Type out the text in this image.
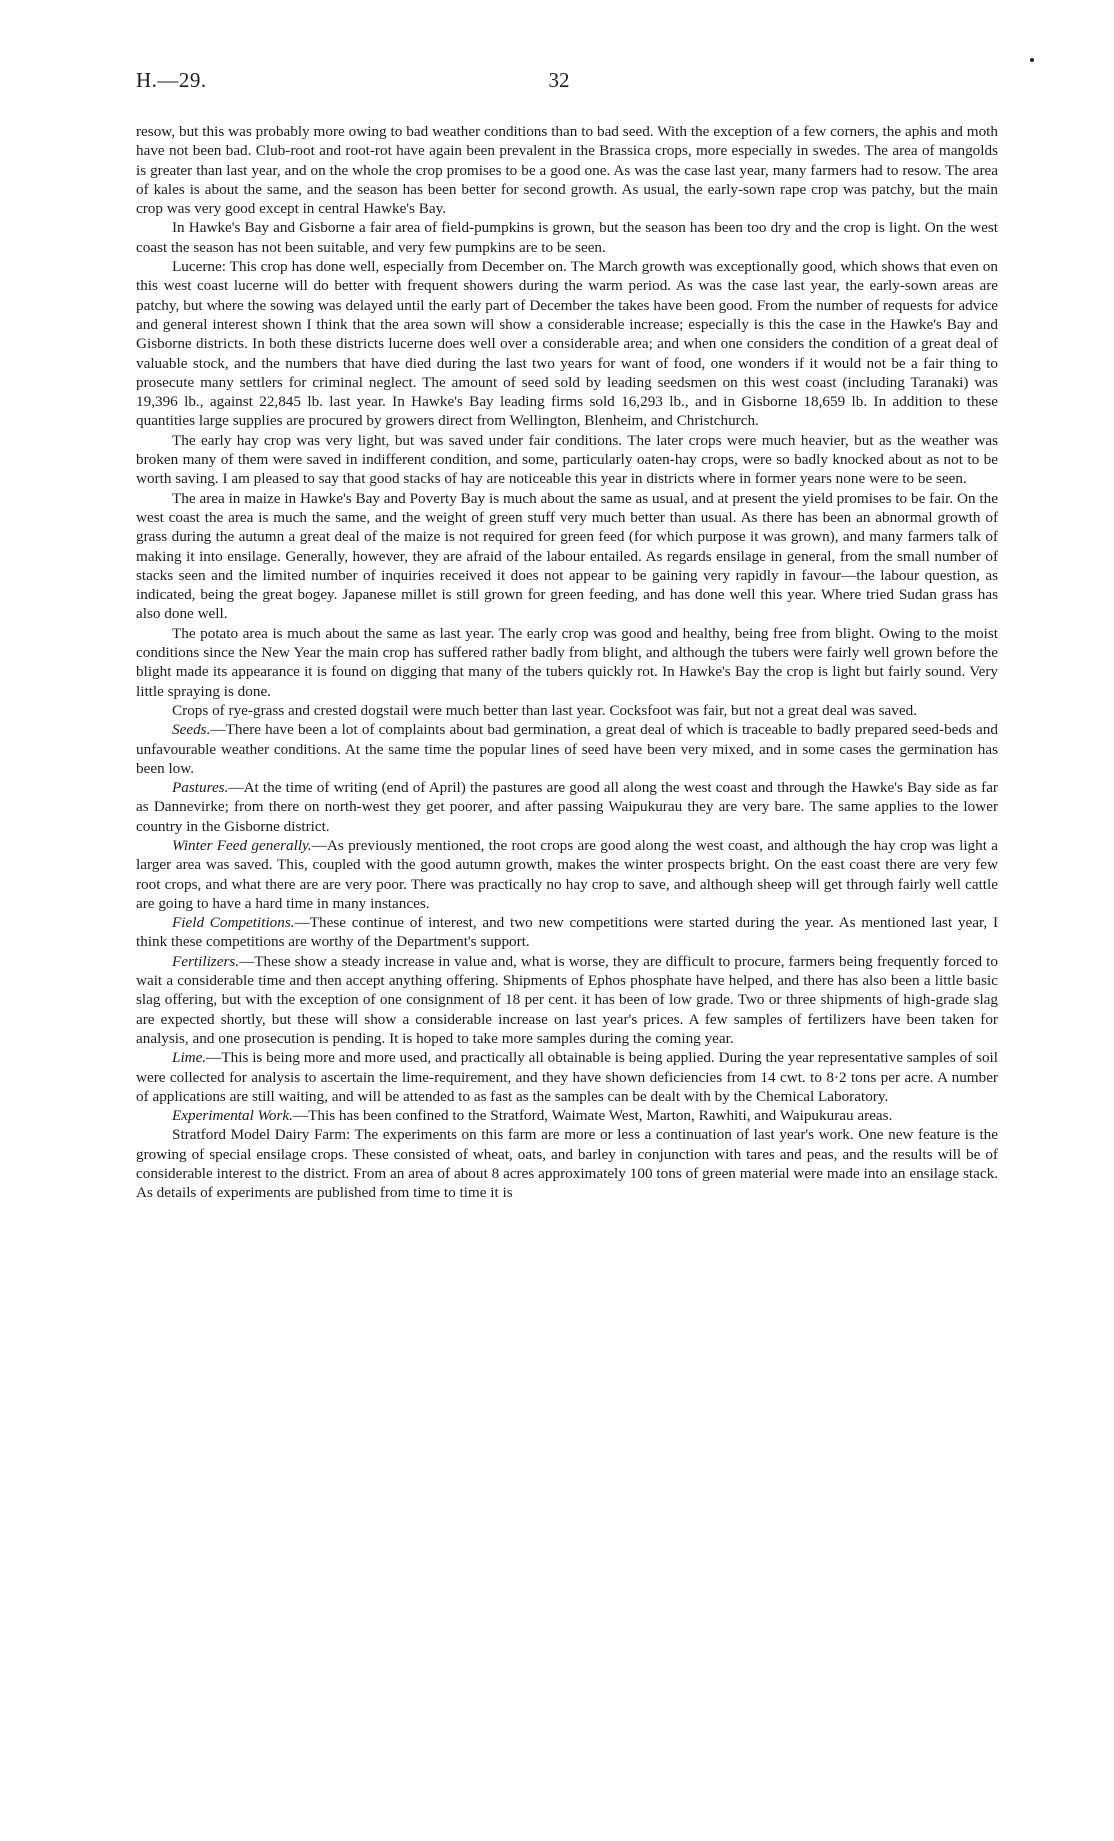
H.—29.	32

resow, but this was probably more owing to bad weather conditions than to bad seed. With the exception of a few corners, the aphis and moth have not been bad. Club-root and root-rot have again been prevalent in the Brassica crops, more especially in swedes. The area of mangolds is greater than last year, and on the whole the crop promises to be a good one. As was the case last year, many farmers had to resow. The area of kales is about the same, and the season has been better for second growth. As usual, the early-sown rape crop was patchy, but the main crop was very good except in central Hawke's Bay.

In Hawke's Bay and Gisborne a fair area of field-pumpkins is grown, but the season has been too dry and the crop is light. On the west coast the season has not been suitable, and very few pumpkins are to be seen.

Lucerne: This crop has done well, especially from December on. The March growth was exceptionally good, which shows that even on this west coast lucerne will do better with frequent showers during the warm period. As was the case last year, the early-sown areas are patchy, but where the sowing was delayed until the early part of December the takes have been good. From the number of requests for advice and general interest shown I think that the area sown will show a considerable increase; especially is this the case in the Hawke's Bay and Gisborne districts. In both these districts lucerne does well over a considerable area; and when one considers the condition of a great deal of valuable stock, and the numbers that have died during the last two years for want of food, one wonders if it would not be a fair thing to prosecute many settlers for criminal neglect. The amount of seed sold by leading seedsmen on this west coast (including Taranaki) was 19,396 lb., against 22,845 lb. last year. In Hawke's Bay leading firms sold 16,293 lb., and in Gisborne 18,659 lb. In addition to these quantities large supplies are procured by growers direct from Wellington, Blenheim, and Christchurch.

The early hay crop was very light, but was saved under fair conditions. The later crops were much heavier, but as the weather was broken many of them were saved in indifferent condition, and some, particularly oaten-hay crops, were so badly knocked about as not to be worth saving. I am pleased to say that good stacks of hay are noticeable this year in districts where in former years none were to be seen.

The area in maize in Hawke's Bay and Poverty Bay is much about the same as usual, and at present the yield promises to be fair. On the west coast the area is much the same, and the weight of green stuff very much better than usual. As there has been an abnormal growth of grass during the autumn a great deal of the maize is not required for green feed (for which purpose it was grown), and many farmers talk of making it into ensilage. Generally, however, they are afraid of the labour entailed. As regards ensilage in general, from the small number of stacks seen and the limited number of inquiries received it does not appear to be gaining very rapidly in favour—the labour question, as indicated, being the great bogey. Japanese millet is still grown for green feeding, and has done well this year. Where tried Sudan grass has also done well.

The potato area is much about the same as last year. The early crop was good and healthy, being free from blight. Owing to the moist conditions since the New Year the main crop has suffered rather badly from blight, and although the tubers were fairly well grown before the blight made its appearance it is found on digging that many of the tubers quickly rot. In Hawke's Bay the crop is light but fairly sound. Very little spraying is done.

Crops of rye-grass and crested dogstail were much better than last year. Cocksfoot was fair, but not a great deal was saved.

Seeds.—There have been a lot of complaints about bad germination, a great deal of which is traceable to badly prepared seed-beds and unfavourable weather conditions. At the same time the popular lines of seed have been very mixed, and in some cases the germination has been low.

Pastures.—At the time of writing (end of April) the pastures are good all along the west coast and through the Hawke's Bay side as far as Dannevirke; from there on north-west they get poorer, and after passing Waipukurau they are very bare. The same applies to the lower country in the Gisborne district.

Winter Feed generally.—As previously mentioned, the root crops are good along the west coast, and although the hay crop was light a larger area was saved. This, coupled with the good autumn growth, makes the winter prospects bright. On the east coast there are very few root crops, and what there are are very poor. There was practically no hay crop to save, and although sheep will get through fairly well cattle are going to have a hard time in many instances.

Field Competitions.—These continue of interest, and two new competitions were started during the year. As mentioned last year, I think these competitions are worthy of the Department's support.

Fertilizers.—These show a steady increase in value and, what is worse, they are difficult to procure, farmers being frequently forced to wait a considerable time and then accept anything offering. Shipments of Ephos phosphate have helped, and there has also been a little basic slag offering, but with the exception of one consignment of 18 per cent. it has been of low grade. Two or three shipments of high-grade slag are expected shortly, but these will show a considerable increase on last year's prices. A few samples of fertilizers have been taken for analysis, and one prosecution is pending. It is hoped to take more samples during the coming year.

Lime.—This is being more and more used, and practically all obtainable is being applied. During the year representative samples of soil were collected for analysis to ascertain the lime-requirement, and they have shown deficiencies from 14 cwt. to 8·2 tons per acre. A number of applications are still waiting, and will be attended to as fast as the samples can be dealt with by the Chemical Laboratory.

Experimental Work.—This has been confined to the Stratford, Waimate West, Marton, Rawhiti, and Waipukurau areas.

Stratford Model Dairy Farm: The experiments on this farm are more or less a continuation of last year's work. One new feature is the growing of special ensilage crops. These consisted of wheat, oats, and barley in conjunction with tares and peas, and the results will be of considerable interest to the district. From an area of about 8 acres approximately 100 tons of green material were made into an ensilage stack. As details of experiments are published from time to time it is
